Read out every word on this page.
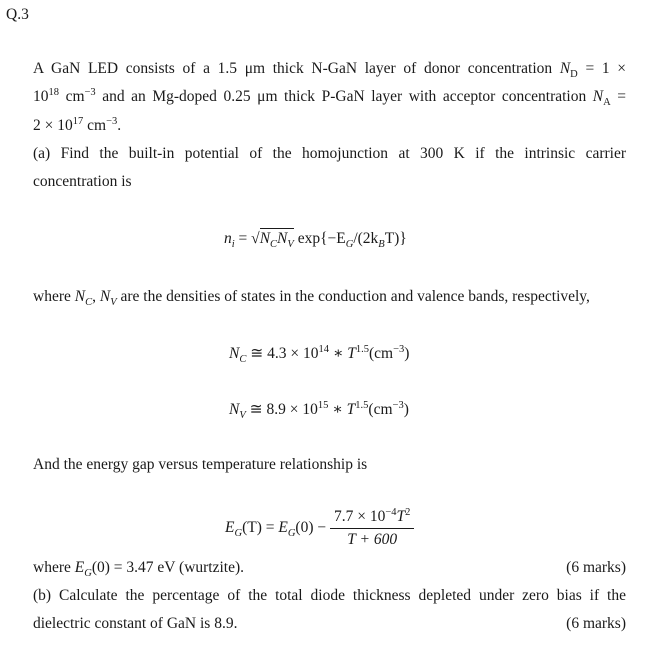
Q.3
A GaN LED consists of a 1.5 μm thick N-GaN layer of donor concentration $N_D = 1$ ×
$10^{18}$ $cm^{-3}$ and an Mg-doped 0.25 μm thick P-GaN layer with acceptor concentration $N_A$ =
$2 \times 10^{17}$ $cm^{-3}$.
(a) Find the built-in potential of the homojunction at 300 K if the intrinsic carrier
concentration is
$n_i = √N_CN_V$ $\exp\{-E_G/(2k_BT)\}$
where $N_C$, $N_V$ are the densities of states in the conduction and valence bands, respectively,
$N_C$ ≅ $4.3 \times 10^{14}$ ∗ $T^{1.5}(cm^{-3})$
$N_V$ ≅ $8.9 \times 10^{15}$ ∗ $T^{1.5}(cm^{-3})$
And the energy gap versus temperature relationship is
$E_G(T) = E_G(0) - \frac{7.7 \times 10^{-4}T^2}{T + 600}$
where $E_G(0) = 3.47$ eV (wurtzite).	(6 marks)
(b) Calculate the percentage of the total diode thickness depleted under zero bias if the
dielectric constant of GaN is 8.9.	(6 marks)
